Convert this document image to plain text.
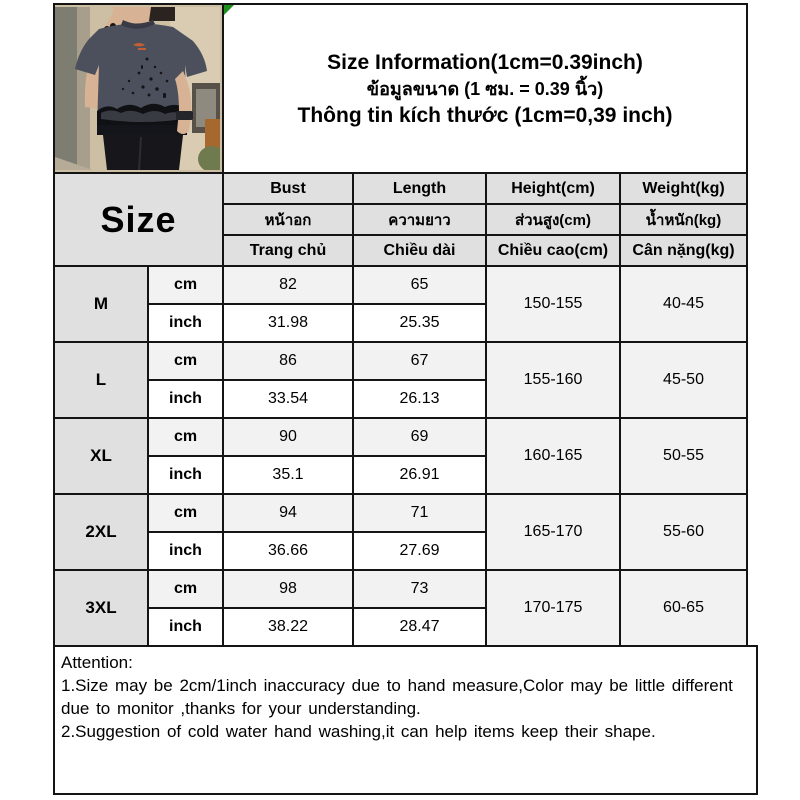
Size Information(1cm=0.39inch)
ข้อมูลขนาด (1 ซม. = 0.39 นิ้ว)
Thông tin kích thước (1cm=0,39 inch)			

Size		Bust	Length	Height(cm)	Weight(kg)
		หน้าอก	ความยาว	ส่วนสูง(cm)	น้ำหนัก(kg)
		Trang chủ	Chiều dài	Chiều cao(cm)	Cân nặng(kg)
M	cm	82	65	150-155	40-45
	inch	31.98	25.35		
L	cm	86	67	155-160	45-50
	inch	33.54	26.13		
XL	cm	90	69	160-165	50-55
	inch	35.1	26.91		
2XL	cm	94	71	165-170	55-60
	inch	36.66	27.69		
3XL	cm	98	73	170-175	60-65
	inch	38.22	28.47		
Attention:
1.Size may be 2cm/1inch inaccuracy due to hand measure,Color may be little different due to monitor ,thanks for your understanding.
2.Suggestion of cold water hand washing,it can help items keep their shape.
